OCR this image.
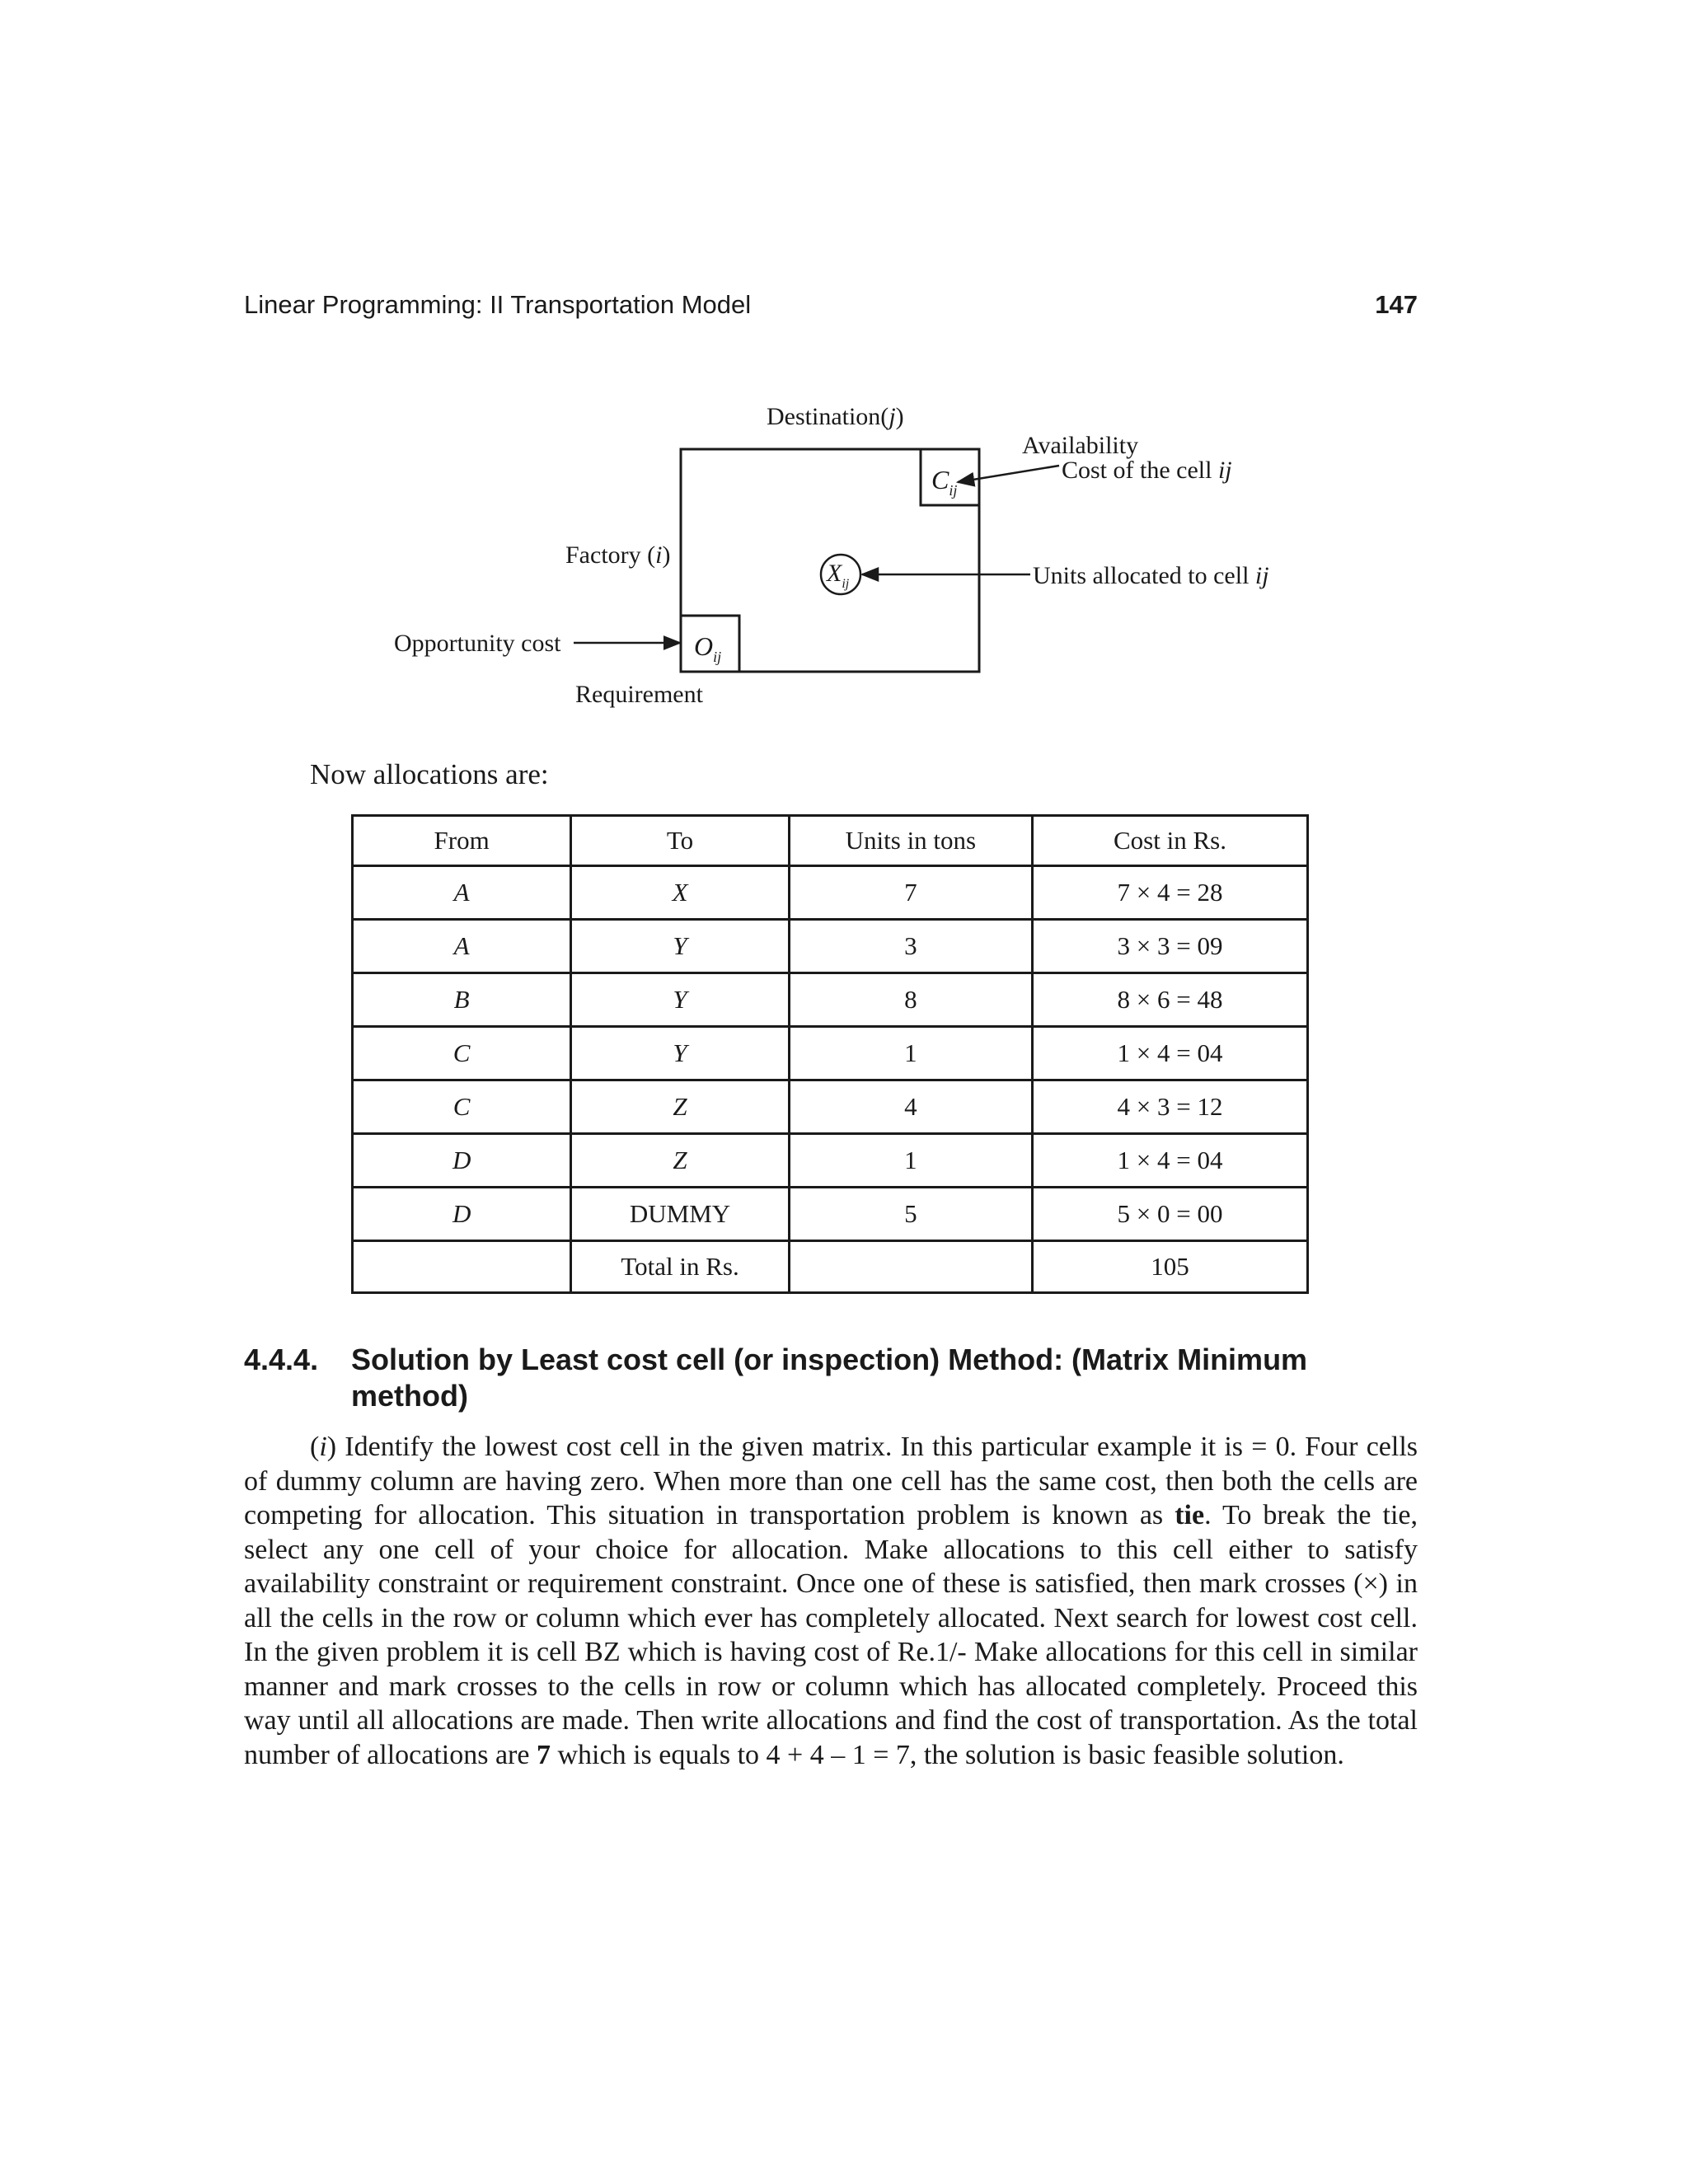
Linear Programming: II Transportation Model	147
Destination(j)
Factory (i)
Availability
Cost of the cell ij
Units allocated to cell ij
Opportunity cost
Requirement
$C_{ij}$
$X_{ij}$
$O_{ij}$
Now allocations are:
From	To	Units in tons	Cost in Rs.
A	X	7	7 × 4 = 28
A	Y	3	3 × 3 = 09
B	Y	8	8 × 6 = 48
C	Y	1	1 × 4 = 04
C	Z	4	4 × 3 = 12
D	Z	1	1 × 4 = 04
D	DUMMY	5	5 × 0 = 00
	Total in Rs.		105
4.4.4. Solution by Least cost cell (or inspection) Method: (Matrix Minimum method)

(i) Identify the lowest cost cell in the given matrix. In this particular example it is = 0. Four cells of dummy column are having zero. When more than one cell has the same cost, then both the cells are competing for allocation. This situation in transportation problem is known as tie. To break the tie, select any one cell of your choice for allocation. Make allocations to this cell either to satisfy availability constraint or requirement constraint. Once one of these is satisfied, then mark crosses (×) in all the cells in the row or column which ever has completely allocated. Next search for lowest cost cell. In the given problem it is cell BZ which is having cost of Re.1/- Make allocations for this cell in similar manner and mark crosses to the cells in row or column which has allocated completely. Proceed this way until all allocations are made. Then write allocations and find the cost of transportation. As the total number of allocations are 7 which is equals to 4 + 4 – 1 = 7, the solution is basic feasible solution.
